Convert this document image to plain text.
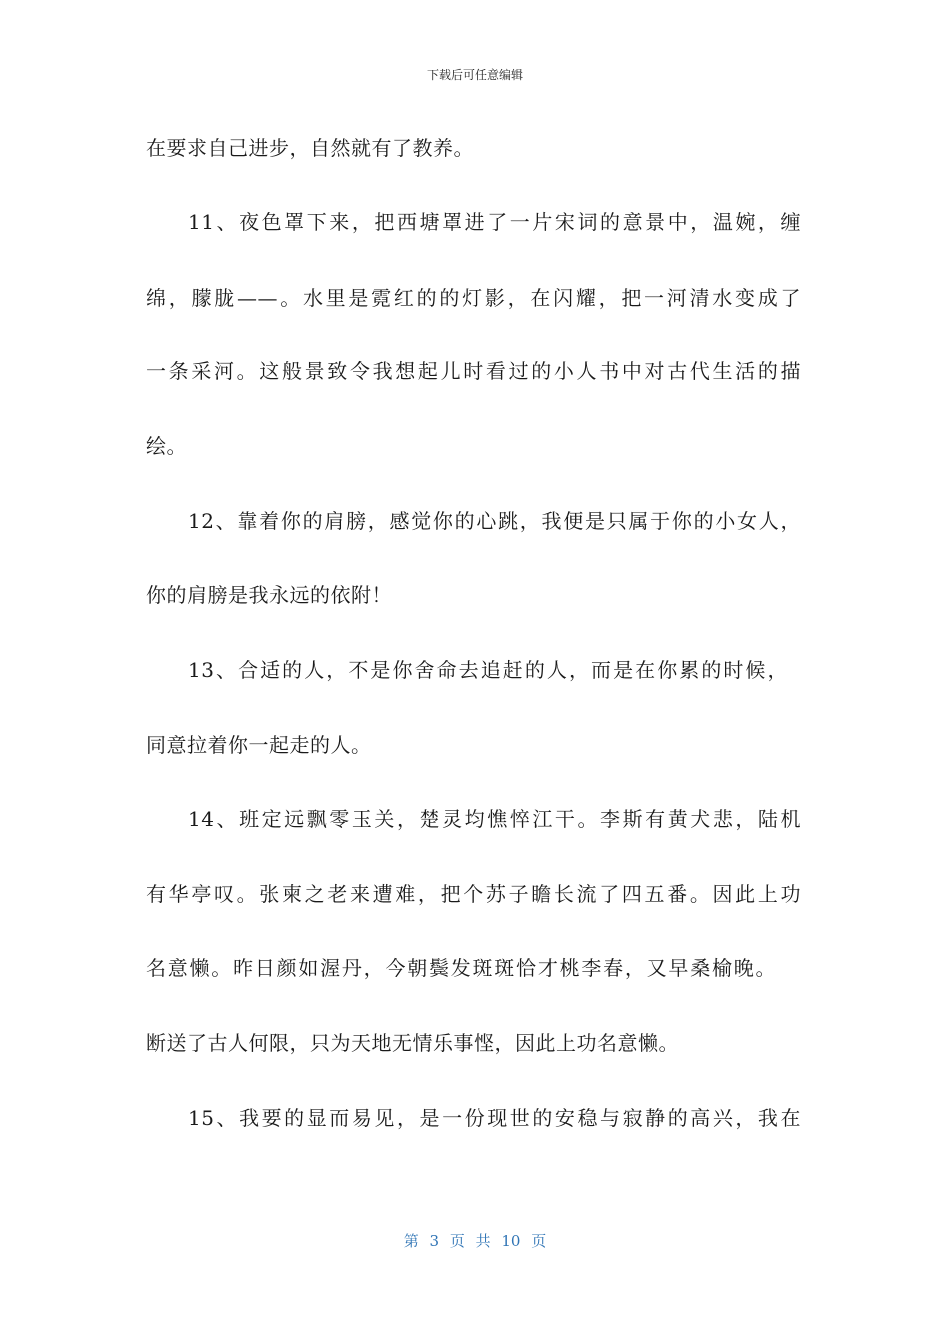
下载后可任意编辑
在要求自己进步，自然就有了教养。
11、夜色罩下来，把西塘罩进了一片宋词的意景中，温婉，缠
绵，朦胧——。水里是霓红的的灯影，在闪耀，把一河清水变成了
一条采河。这般景致令我想起儿时看过的小人书中对古代生活的描
绘。
12、靠着你的肩膀，感觉你的心跳，我便是只属于你的小女人，
你的肩膀是我永远的依附！
13、合适的人，不是你舍命去追赶的人，而是在你累的时候，
同意拉着你一起走的人。
14、班定远飘零玉关，楚灵均憔悴江干。李斯有黄犬悲，陆机
有华亭叹。张柬之老来遭难，把个苏子瞻长流了四五番。因此上功
名意懒。昨日颜如渥丹，今朝鬓发斑斑恰才桃李春，又早桑榆晚。
断送了古人何限，只为天地无情乐事悭，因此上功名意懒。
15、我要的显而易见，是一份现世的安稳与寂静的高兴，我在
第 3 页 共 10 页
